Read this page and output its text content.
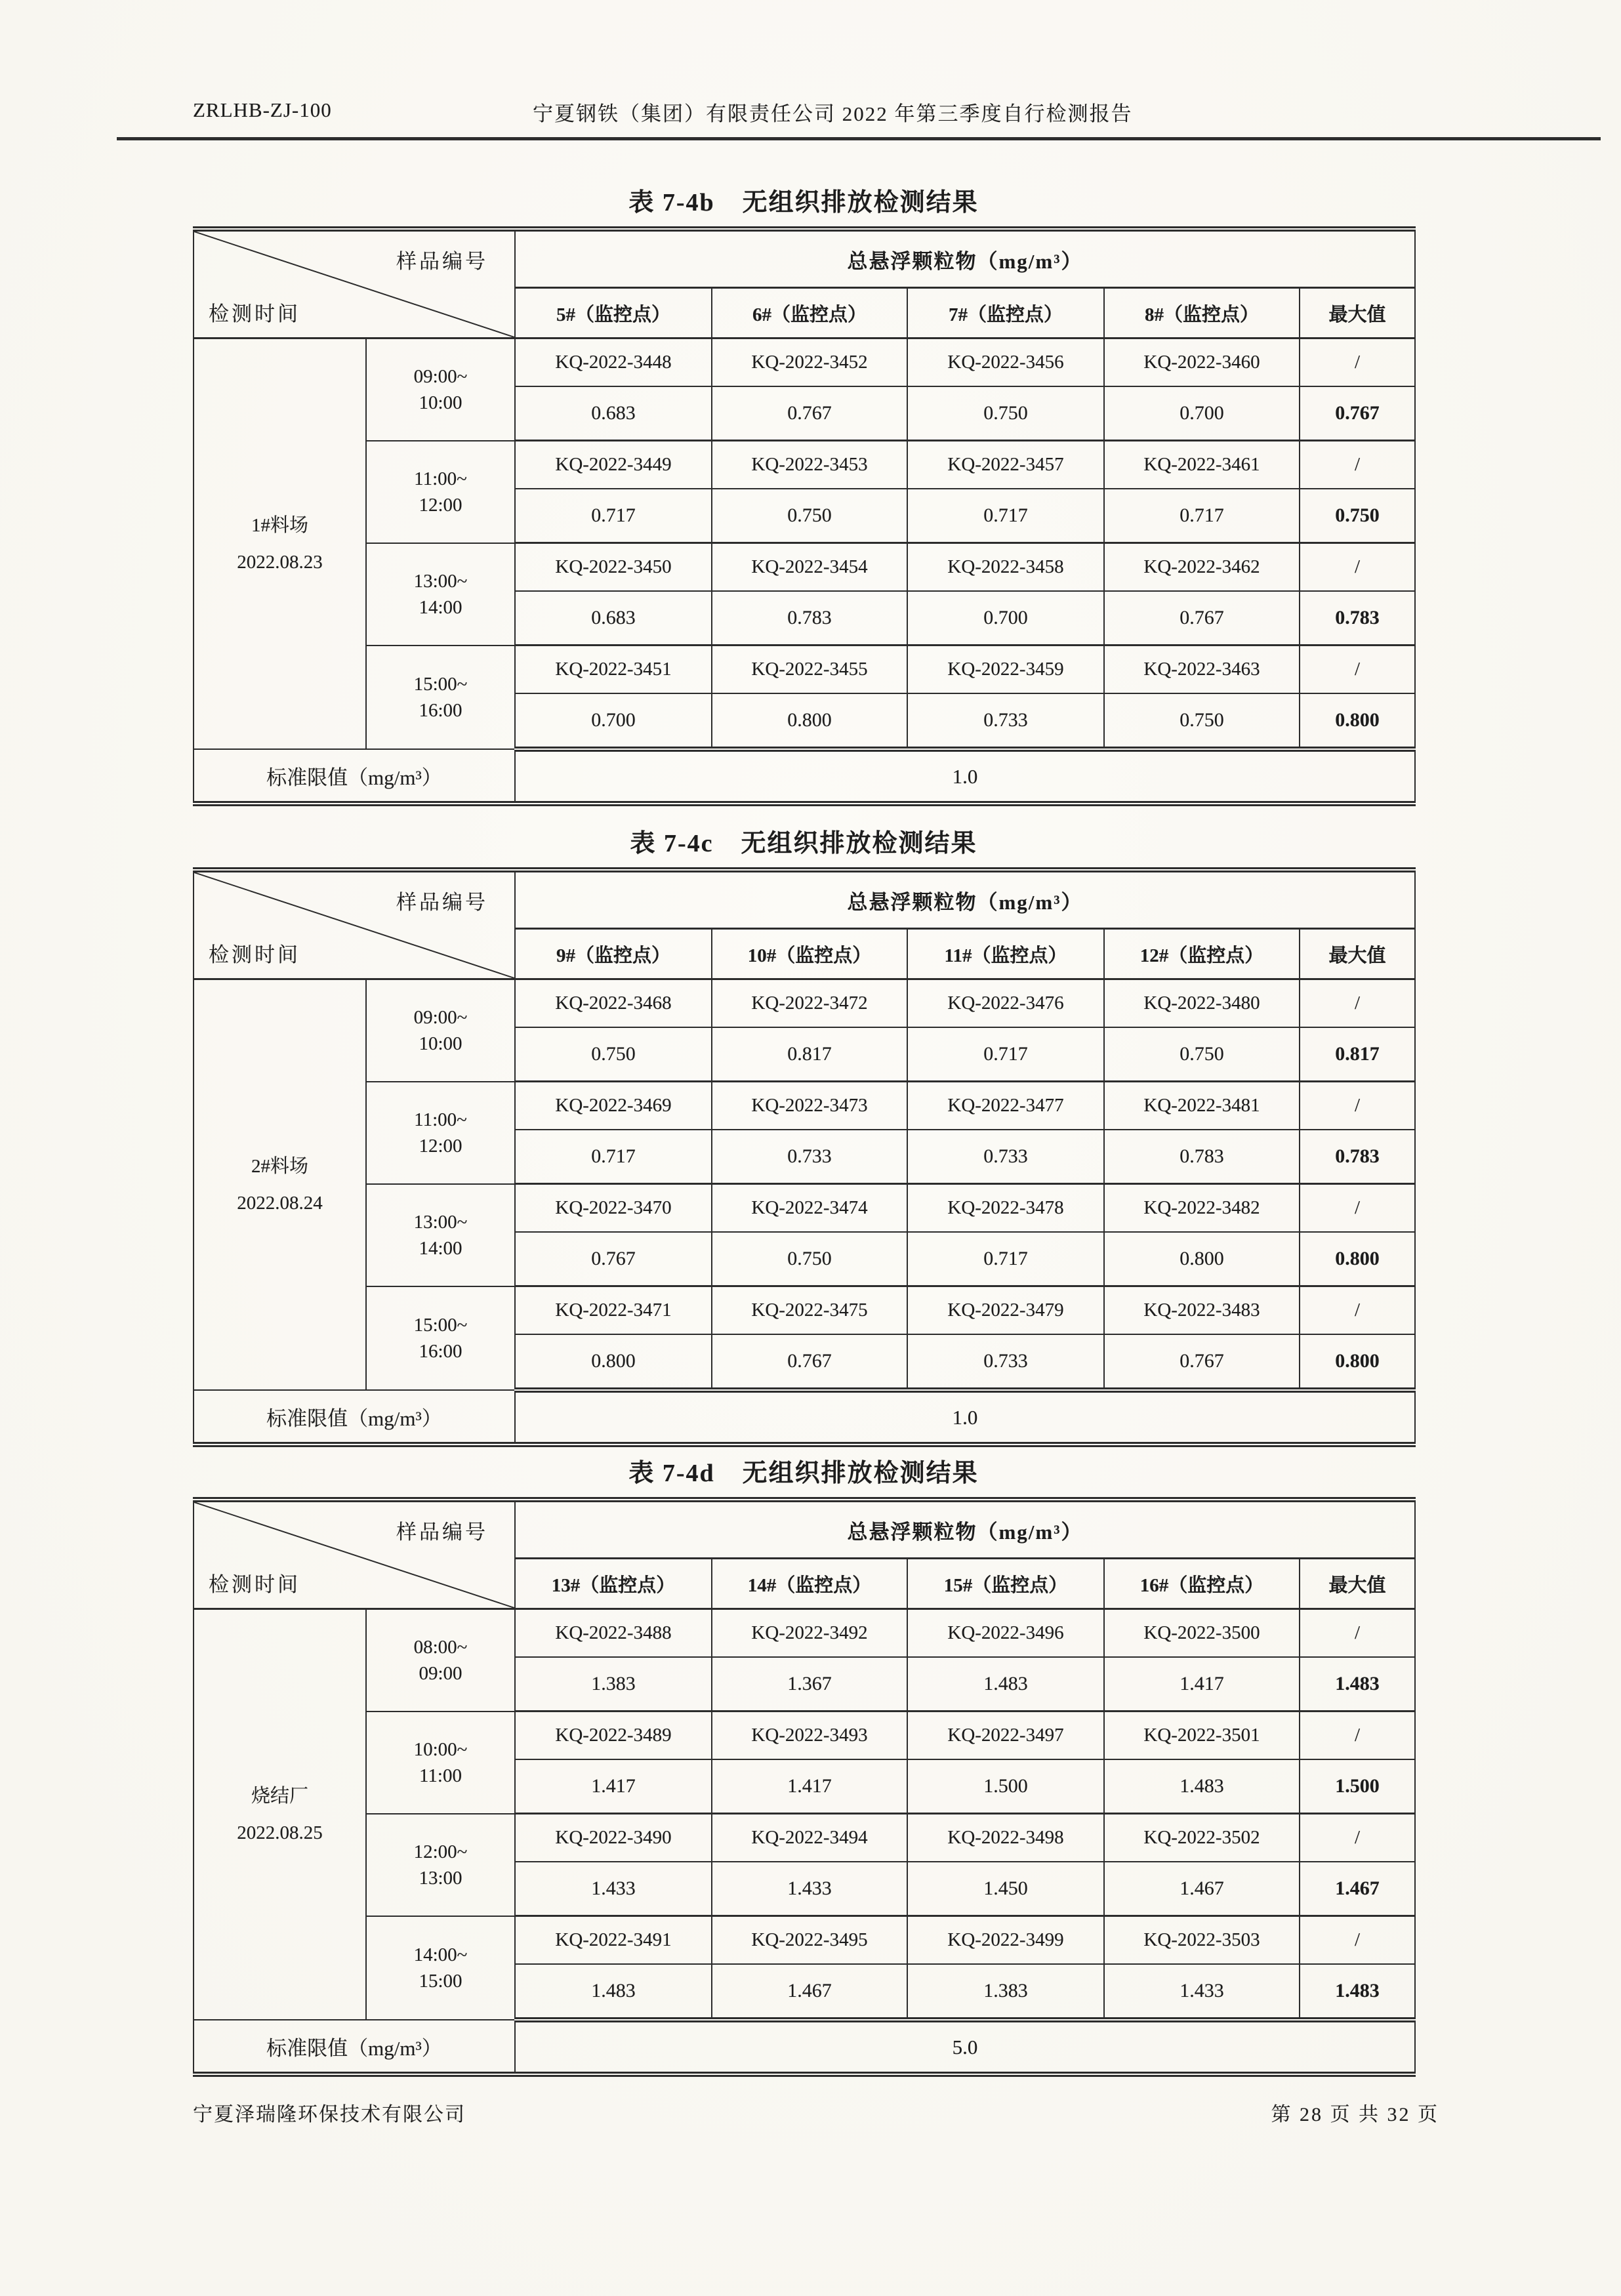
ZRLHB-ZJ-100	宁夏钢铁（集团）有限责任公司 2022 年第三季度自行检测报告
表 7-4b 无组织排放检测结果
样品编号
检测时间		总悬浮颗粒物（mg/m³）				
		5#（监控点）	6#（监控点）	7#（监控点）	8#（监控点）	最大值

1#料场
2022.08.23

09:00~
10:00
	KQ-2022-3448	KQ-2022-3452	KQ-2022-3456	KQ-2022-3460	/
		0.683	0.767	0.750	0.700	0.767

	11:00~
12:00	KQ-2022-3449	KQ-2022-3453	KQ-2022-3457	KQ-2022-3461	/
		0.717	0.750	0.717	0.717	0.750

	13:00~
14:00	KQ-2022-3450	KQ-2022-3454	KQ-2022-3458	KQ-2022-3462	/
		0.683	0.783	0.700	0.767	0.783

	15:00~
16:00	KQ-2022-3451	KQ-2022-3455	KQ-2022-3459	KQ-2022-3463	/
		0.700	0.800	0.733	0.750	0.800
标准限值（mg/m³）		1.0				
表 7-4c 无组织排放检测结果
样品编号
检测时间		总悬浮颗粒物（mg/m³）				
		9#（监控点）	10#（监控点）	11#（监控点）	12#（监控点）	最大值

2#料场
2022.08.24

09:00~
10:00
	KQ-2022-3468	KQ-2022-3472	KQ-2022-3476	KQ-2022-3480	/
		0.750	0.817	0.717	0.750	0.817

	11:00~
12:00	KQ-2022-3469	KQ-2022-3473	KQ-2022-3477	KQ-2022-3481	/
		0.717	0.733	0.733	0.783	0.783

	13:00~
14:00	KQ-2022-3470	KQ-2022-3474	KQ-2022-3478	KQ-2022-3482	/
		0.767	0.750	0.717	0.800	0.800

	15:00~
16:00	KQ-2022-3471	KQ-2022-3475	KQ-2022-3479	KQ-2022-3483	/
		0.800	0.767	0.733	0.767	0.800
标准限值（mg/m³）		1.0				
表 7-4d 无组织排放检测结果
样品编号
检测时间		总悬浮颗粒物（mg/m³）				
		13#（监控点）	14#（监控点）	15#（监控点）	16#（监控点）	最大值

烧结厂
2022.08.25

08:00~
09:00
	KQ-2022-3488	KQ-2022-3492	KQ-2022-3496	KQ-2022-3500	/
		1.383	1.367	1.483	1.417	1.483

	10:00~
11:00	KQ-2022-3489	KQ-2022-3493	KQ-2022-3497	KQ-2022-3501	/
		1.417	1.417	1.500	1.483	1.500

	12:00~
13:00	KQ-2022-3490	KQ-2022-3494	KQ-2022-3498	KQ-2022-3502	/
		1.433	1.433	1.450	1.467	1.467

	14:00~
15:00	KQ-2022-3491	KQ-2022-3495	KQ-2022-3499	KQ-2022-3503	/
		1.483	1.467	1.383	1.433	1.483
标准限值（mg/m³）		5.0				
宁夏泽瑞隆环保技术有限公司	第 28 页 共 32 页
